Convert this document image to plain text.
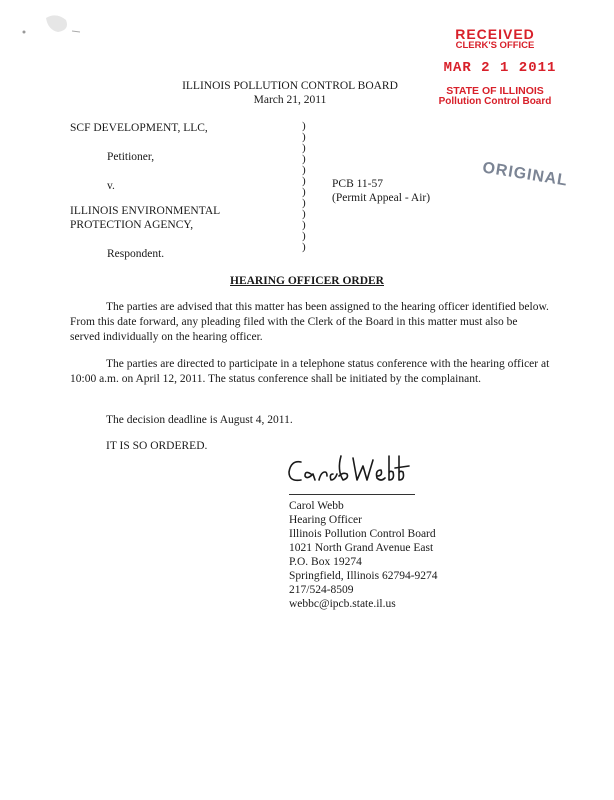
RECEIVED
CLERK'S OFFICE
MAR 2 1 2011
STATE OF ILLINOIS
Pollution Control Board
ORIGINAL
ILLINOIS POLLUTION CONTROL BOARD
March 21, 2011
SCF DEVELOPMENT, LLC,
Petitioner,
v.
ILLINOIS ENVIRONMENTAL
PROTECTION AGENCY,
Respondent.
)
)
)
)
)
)
)
)
)
)
)
)
PCB 11-57
(Permit Appeal - Air)
HEARING OFFICER ORDER
The parties are advised that this matter has been assigned to the hearing officer identified below. From this date forward, any pleading filed with the Clerk of the Board in this matter must also be served individually on the hearing officer.
The parties are directed to participate in a telephone status conference with the hearing officer at 10:00 a.m. on April 12, 2011. The status conference shall be initiated by the complainant.
The decision deadline is August 4, 2011.
IT IS SO ORDERED.
Carol Webb
Hearing Officer
Illinois Pollution Control Board
1021 North Grand Avenue East
P.O. Box 19274
Springfield, Illinois 62794-9274
217/524-8509
webbc@ipcb.state.il.us
